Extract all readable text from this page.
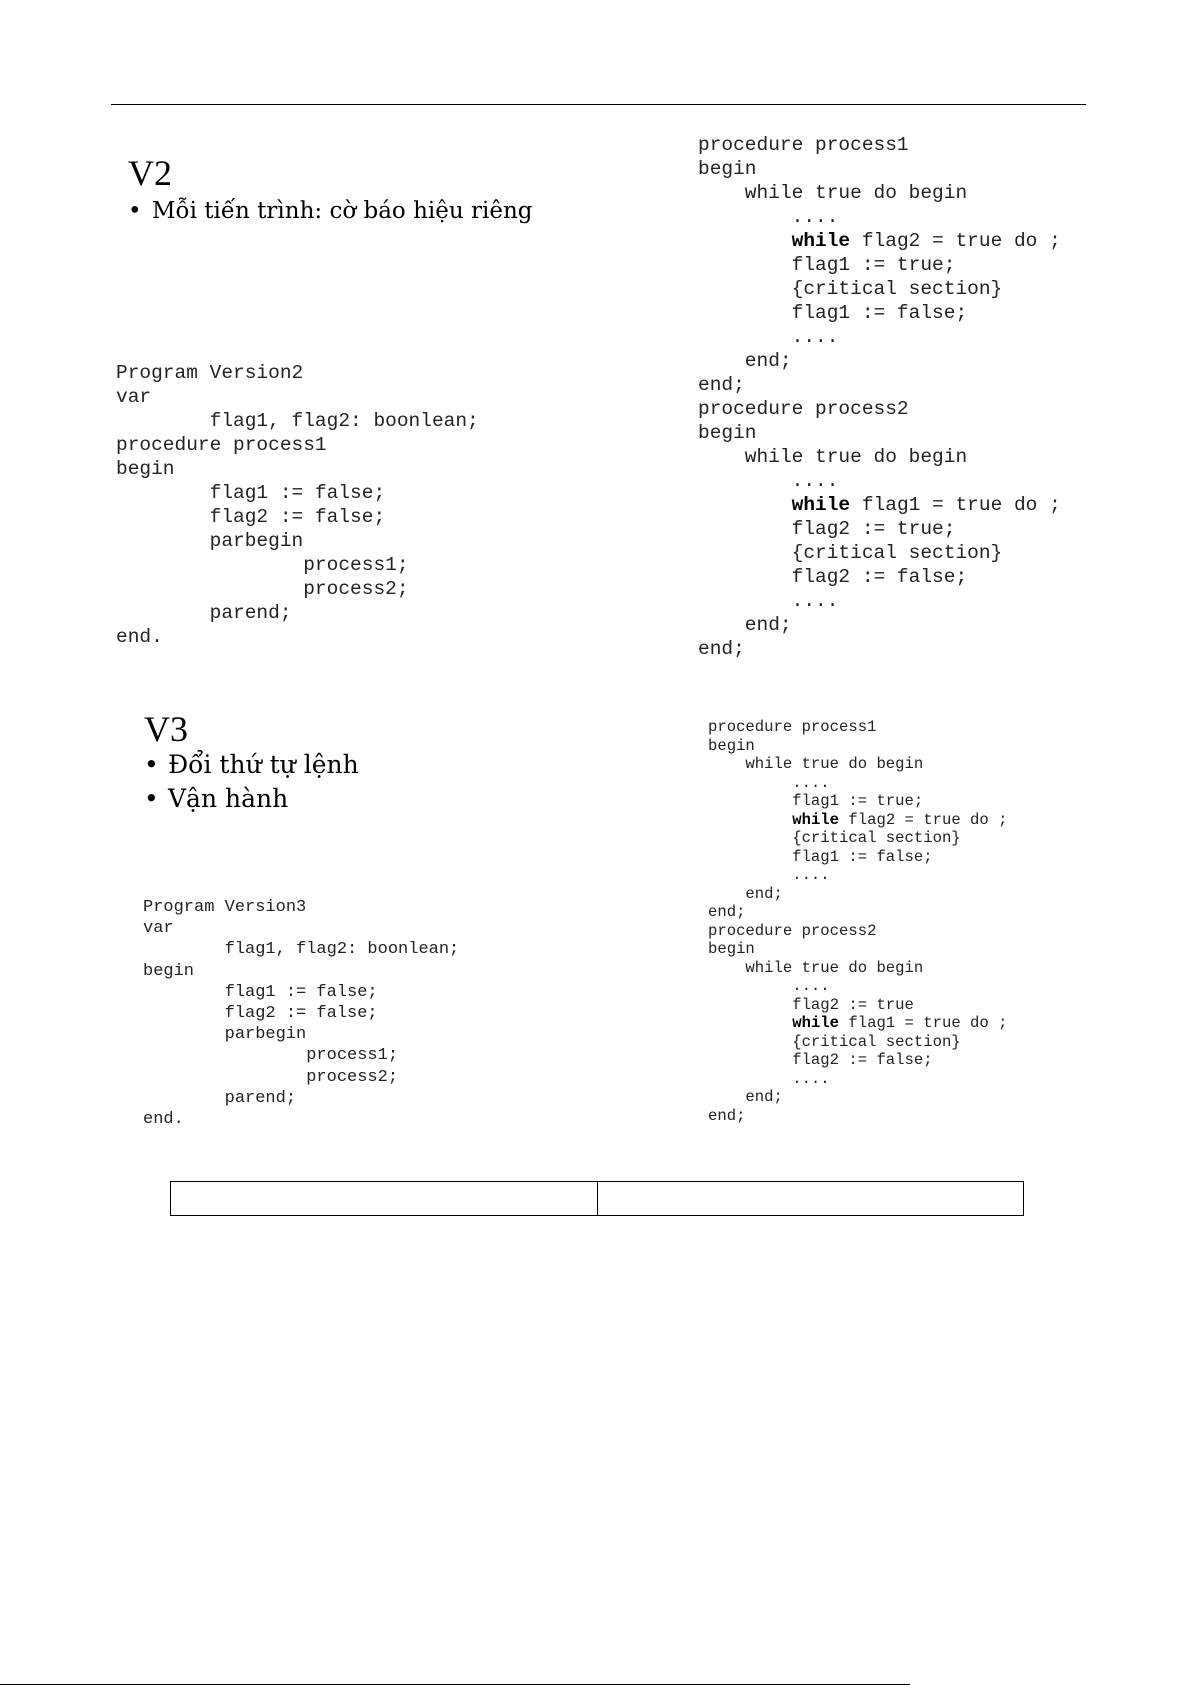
V2
• Mỗi tiến trình: cờ báo hiệu riêng
Program Version2
var
flag1, flag2: boonlean;
procedure process1
begin
flag1 := false;
flag2 := false;
parbegin
process1;
process2;
parend;
end.
procedure process1
begin
while true do begin
....
while flag2 = true do ;
flag1 := true;
{critical section}
flag1 := false;
....
end;
end;
procedure process2
begin
while true do begin
....
while flag1 = true do ;
flag2 := true;
{critical section}
flag2 := false;
....
end;
end;
V3
• Đổi thứ tự lệnh
• Vận hành
Program Version3
var
flag1, flag2: boonlean;
begin
flag1 := false;
flag2 := false;
parbegin
process1;
process2;
parend;
end.
procedure process1
begin
while true do begin
....
flag1 := true;
while flag2 = true do ;
{critical section}
flag1 := false;
....
end;
end;
procedure process2
begin
while true do begin
....
flag2 := true
while flag1 = true do ;
{critical section}
flag2 := false;
....
end;
end;
